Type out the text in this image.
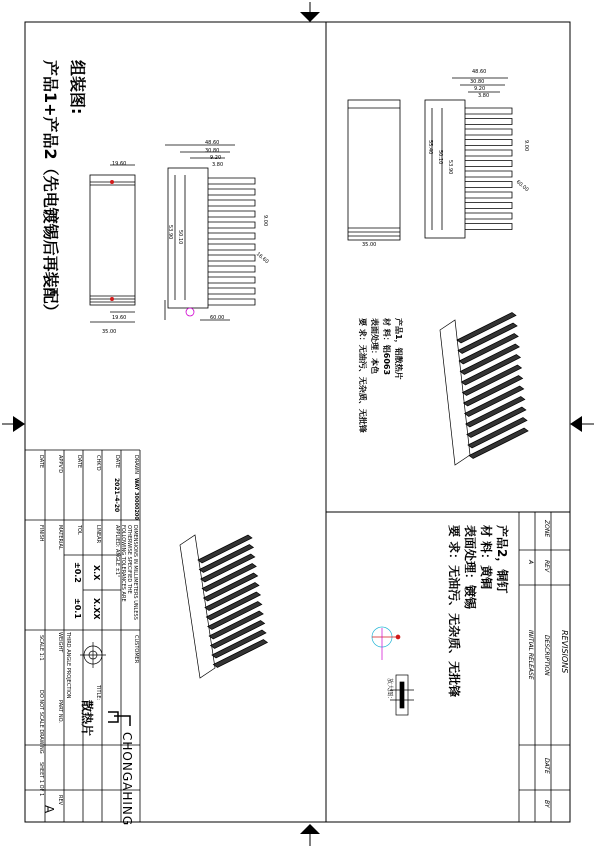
组装图:
产品1+产品2（先电镀锡后再装配）	48.60
30.80
9.20
3.80
19.60
35.00
19.60	60.00
53.90 50.10
9.00
16.60
48.60
30.80
9.20
3.80
35.00
55.40
50.10
53.90
9.00
60.00
产品1，铝散热片
材 料：铝6063
表面处理：本色
要 求：无油污、无杂质、无批锋
产品2，铜钉
材 料：黄铜
表面处理：镀锡
要 求：无油污、无杂质、无批锋
放大图：
REVISIONS
ZONE
REV
DESCRIPTION
DATE
BY
A
INITIAL RELEASE
DRAWN
WAY 30000200
DATE
2021-4-20
CHK'D
DATE
APPV'D
DATE
DIMENSIONS IN MILLIMETERS UNLESS OTHERWISE SPECIFIED THE FOLLOWING TOLERANCES ARE APPLIED: ANGLE ±1°
LINEAR
X.X
X.XX
TOL
±0.2
±0.1
MATERIAL
FINISH
CUSTOMER
THIRD ANGLE PROJECTION
WEIGHT
TITLE:
散热片
PART NO.
CHONGAHING
SCALE 1:1
DO NOT SCALE DRAWING
SHEET 1 OF 1
REV
A
